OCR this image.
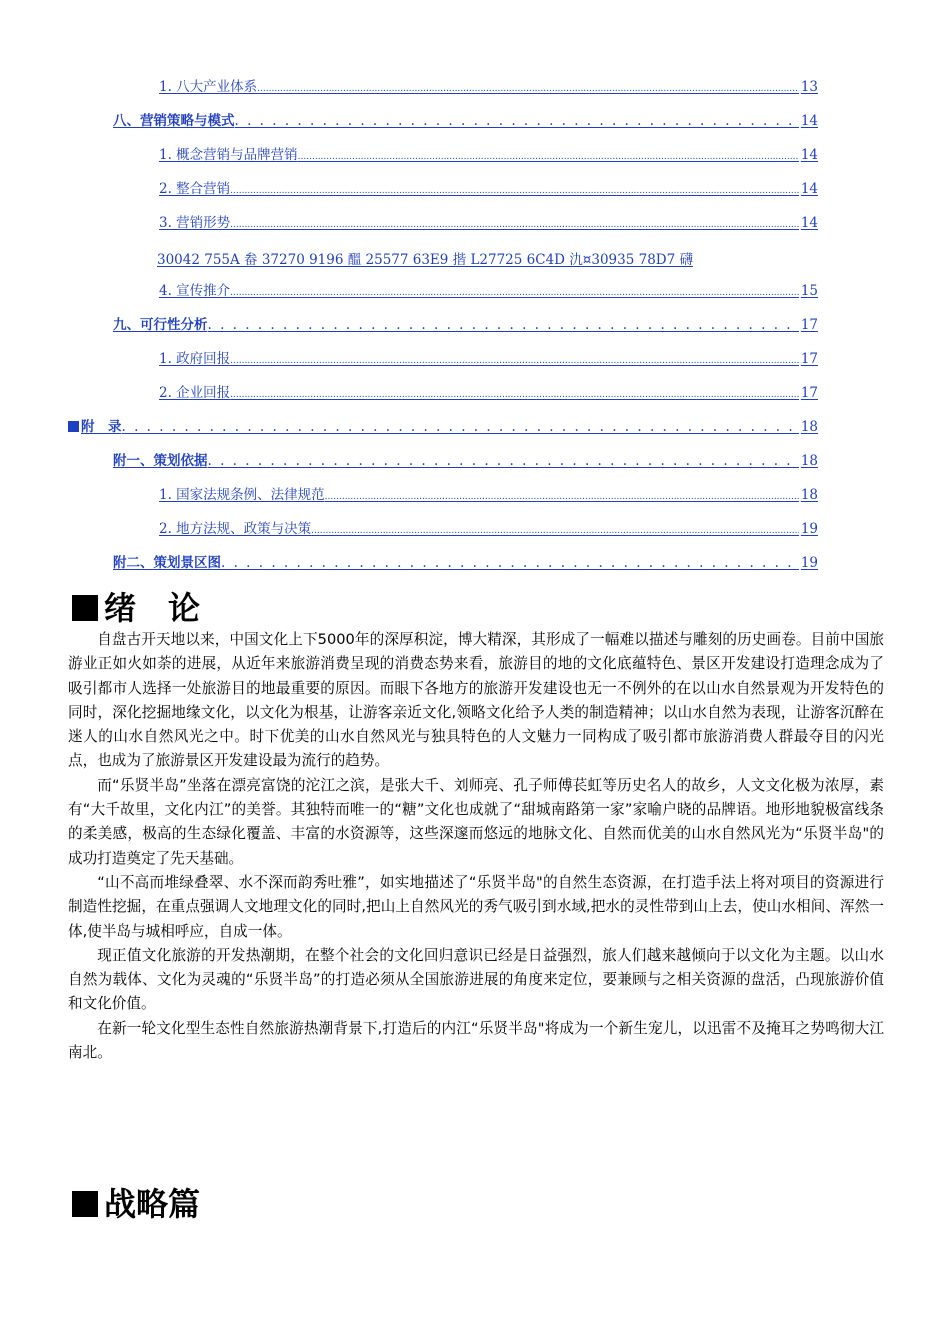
1. 八大产业体系 .....	13
八、营销策略与模式 . . .	14
1. 概念营销与品牌营销 .....	14
2. 整合营销 .....	14
3. 营销形势 .....	14
30042 755A 畚 37270 9196 醞 25577 63E9 揩 L27725 6C4D 氿¤30935 78D7 礴
4. 宣传推介 .....	15
九、可行性分析 . . .	17
1. 政府回报 .....	17
2. 企业回报 .....	17
附　录 . . .	18
附一、策划依据 . . .	18
1. 国家法规条例、法律规范 .....	18
2. 地方法规、政策与决策 .....	19
附二、策划景区图 . . .	19
绪　论

自盘古开天地以来，中国文化上下5000年的深厚积淀，博大精深，其形成了一幅难以描述与雕刻的历史画卷。目前中国旅游业正如火如荼的进展，从近年来旅游消费呈现的消费态势来看，旅游目的地的文化底蕴特色、景区开发建设打造理念成为了吸引都市人选择一处旅游目的地最重要的原因。而眼下各地方的旅游开发建设也无一不例外的在以山水自然景观为开发特色的同时，深化挖掘地缘文化，以文化为根基，让游客亲近文化,领略文化给予人类的制造精神；以山水自然为表现，让游客沉醉在迷人的山水自然风光之中。时下优美的山水自然风光与独具特色的人文魅力一同构成了吸引都市旅游消费人群最夺目的闪光点，也成为了旅游景区开发建设最为流行的趋势。

而“乐贤半岛”坐落在漂亮富饶的沱江之滨，是张大千、刘师亮、孔子师傅苌虹等历史名人的故乡，人文文化极为浓厚，素有“大千故里，文化内江”的美誉。其独特而唯一的“糖”文化也成就了“甜城南路第一家”家喻户晓的品牌语。地形地貌极富线条的柔美感，极高的生态绿化覆盖、丰富的水资源等，这些深邃而悠远的地脉文化、自然而优美的山水自然风光为“乐贤半岛"的成功打造奠定了先天基础。

“山不高而堆绿叠翠、水不深而韵秀吐雅”，如实地描述了“乐贤半岛"的自然生态资源，在打造手法上将对项目的资源进行制造性挖掘，在重点强调人文地理文化的同时,把山上自然风光的秀气吸引到水域,把水的灵性带到山上去，使山水相间、浑然一体,使半岛与城相呼应，自成一体。

现正值文化旅游的开发热潮期，在整个社会的文化回归意识已经是日益强烈，旅人们越来越倾向于以文化为主题。以山水自然为载体、文化为灵魂的“乐贤半岛”的打造必须从全国旅游进展的角度来定位，要兼顾与之相关资源的盘活，凸现旅游价值和文化价值。

在新一轮文化型生态性自然旅游热潮背景下,打造后的内江“乐贤半岛"将成为一个新生宠儿，以迅雷不及掩耳之势鸣彻大江南北。

战略篇
